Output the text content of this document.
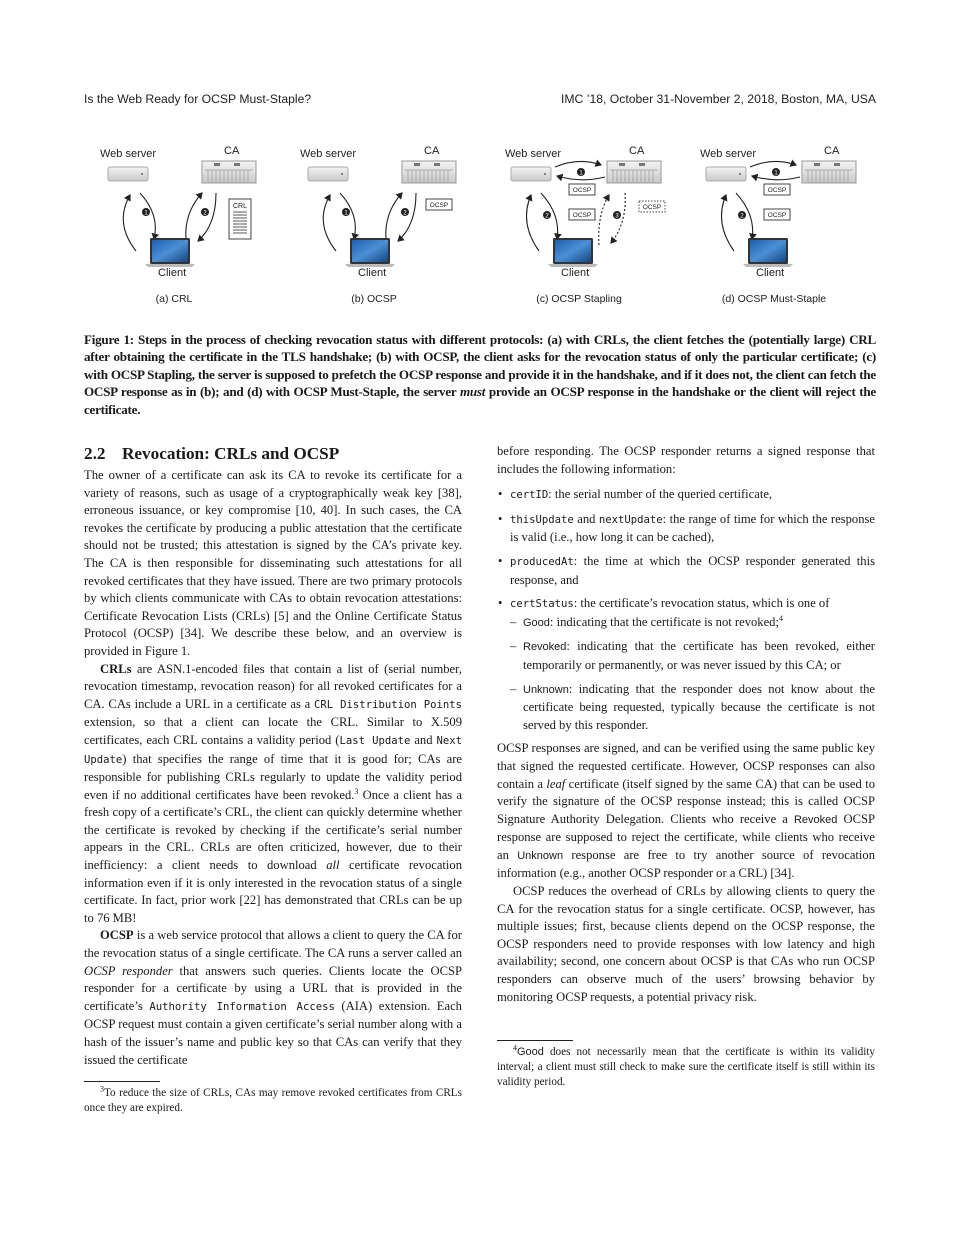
Is the Web Ready for OCSP Must-Staple?	IMC ’18, October 31-November 2, 2018, Boston, MA, USA
1	2
CRL
Web server	CA
Client
(a) CRL
1	2
OCSP
Web server	CA
Client
(b) OCSP
1
OCSP
2	OCSP	3
OCSP
Web server	CA
Client
(c) OCSP Stapling
1
OCSP
2	OCSP
Web server	CA
Client
(d) OCSP Must-Staple
Figure 1: Steps in the process of checking revocation status with different protocols: (a) with CRLs, the client fetches the (potentially large) CRL after obtaining the certificate in the TLS handshake; (b) with OCSP, the client asks for the revocation status of only the particular certificate; (c) with OCSP Stapling, the server is supposed to prefetch the OCSP response and provide it in the handshake, and if it does not, the client can fetch the OCSP response as in (b); and (d) with OCSP Must-Staple, the server must provide an OCSP response in the handshake or the client will reject the certificate.
2.2 Revocation: CRLs and OCSP

The owner of a certificate can ask its CA to revoke its certificate for a variety of reasons, such as usage of a cryptographically weak key [38], erroneous issuance, or key compromise [10, 40]. In such cases, the CA revokes the certificate by producing a public attestation that the certificate should not be trusted; this attestation is signed by the CA’s private key. The CA is then responsible for disseminating such attestations for all revoked certificates that they have issued. There are two primary protocols by which clients communicate with CAs to obtain revocation attestations: Certificate Revocation Lists (CRLs) [5] and the Online Certificate Status Protocol (OCSP) [34]. We describe these below, and an overview is provided in Figure 1.

CRLs are ASN.1-encoded files that contain a list of (serial number, revocation timestamp, revocation reason) for all revoked certificates for a CA. CAs include a URL in a certificate as a CRL Distribution Points extension, so that a client can locate the CRL. Similar to X.509 certificates, each CRL contains a validity period (Last Update and Next Update) that specifies the range of time that it is good for; CAs are responsible for publishing CRLs regularly to update the validity period even if no additional certificates have been revoked.$^3$ Once a client has a fresh copy of a certificate’s CRL, the client can quickly determine whether the certificate is revoked by checking if the certificate’s serial number appears in the CRL. CRLs are often criticized, however, due to their inefficiency: a client needs to download all certificate revocation information even if it is only interested in the revocation status of a single certificate. In fact, prior work [22] has demonstrated that CRLs can be up to 76 MB!

OCSP is a web service protocol that allows a client to query the CA for the revocation status of a single certificate. The CA runs a server called an OCSP responder that answers such queries. Clients locate the OCSP responder for a certificate by using a URL that is provided in the certificate’s Authority Information Access (AIA) extension. Each OCSP request must contain a given certificate’s serial number along with a hash of the issuer’s name and public key so that CAs can verify that they issued the certificate

$^3$To reduce the size of CRLs, CAs may remove revoked certificates from CRLs once they are expired.

before responding. The OCSP responder returns a signed response that includes the following information:

• certID: the serial number of the queried certificate,
• thisUpdate and nextUpdate: the range of time for which the response is valid (i.e., how long it can be cached),
• producedAt: the time at which the OCSP responder generated this response, and
• certStatus: the certificate’s revocation status, which is one of
– Good: indicating that the certificate is not revoked;$^4$
– Revoked: indicating that the certificate has been revoked, either temporarily or permanently, or was never issued by this CA; or
– Unknown: indicating that the responder does not know about the certificate being requested, typically because the certificate is not served by this responder.

OCSP responses are signed, and can be verified using the same public key that signed the requested certificate. However, OCSP responses can also contain a leaf certificate (itself signed by the same CA) that can be used to verify the signature of the OCSP response instead; this is called OCSP Signature Authority Delegation. Clients who receive a Revoked OCSP response are supposed to reject the certificate, while clients who receive an Unknown response are free to try another source of revocation information (e.g., another OCSP responder or a CRL) [34].

OCSP reduces the overhead of CRLs by allowing clients to query the CA for the revocation status for a single certificate. OCSP, however, has multiple issues; first, because clients depend on the OCSP response, the OCSP responders need to provide responses with low latency and high availability; second, one concern about OCSP is that CAs who run OCSP responders can observe much of the users’ browsing behavior by monitoring OCSP requests, a potential privacy risk.

$^4$Good does not necessarily mean that the certificate is within its validity interval; a client must still check to make sure the certificate itself is still within its validity period.
